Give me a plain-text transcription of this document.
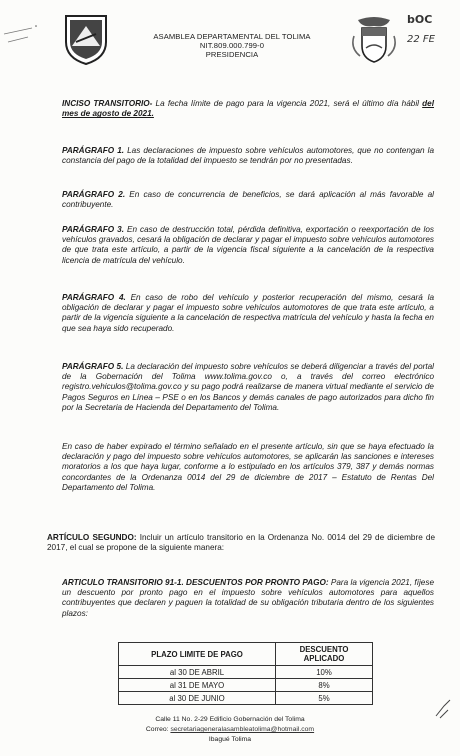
ASAMBLEA DEPARTAMENTAL DEL TOLIMA
NIT.809.000.799-0
PRESIDENCIA
bOC
22 FE
INCISO TRANSITORIO- La fecha límite de pago para la vigencia 2021, será el último día hábil del mes de agosto de 2021.
PARÁGRAFO 1. Las declaraciones de impuesto sobre vehículos automotores, que no contengan la constancia del pago de la totalidad del impuesto se tendrán por no presentadas.
PARÁGRAFO 2. En caso de concurrencia de beneficios, se dará aplicación al más favorable al contribuyente.
PARÁGRAFO 3. En caso de destrucción total, pérdida definitiva, exportación o reexportación de los vehículos gravados, cesará la obligación de declarar y pagar el impuesto sobre vehículos automotores de que trata este artículo, a partir de la vigencia fiscal siguiente a la cancelación de la respectiva licencia de matrícula del vehículo.
PARÁGRAFO 4. En caso de robo del vehículo y posterior recuperación del mismo, cesará la obligación de declarar y pagar el impuesto sobre vehículos automotores de que trata este artículo, a partir de la vigencia siguiente a la cancelación de respectiva matrícula del vehículo y hasta la fecha en que sea haya sido recuperado.
PARÁGRAFO 5. La declaración del impuesto sobre vehículos se deberá diligenciar a través del portal de la Gobernación del Tolima www.tolima.gov.co o, a través del correo electrónico registro.vehiculos@tolima.gov.co y su pago podrá realizarse de manera virtual mediante el servicio de Pagos Seguros en Línea – PSE o en los Bancos y demás canales de pago autorizados para dicho fin por la Secretaria de Hacienda del Departamento del Tolima.
En caso de haber expirado el término señalado en el presente artículo, sin que se haya efectuado la declaración y pago del impuesto sobre vehículos automotores, se aplicarán las sanciones e intereses moratorios a los que haya lugar, conforme a lo estipulado en los artículos 379, 387 y demás normas concordantes de la Ordenanza 0014 del 29 de diciembre de 2017 – Estatuto de Rentas Del Departamento del Tolima.
ARTÍCULO SEGUNDO: Incluir un artículo transitorio en la Ordenanza No. 0014 del 29 de diciembre de 2017, el cual se propone de la siguiente manera:
ARTICULO TRANSITORIO 91-1. DESCUENTOS POR PRONTO PAGO: Para la vigencia 2021, fíjese un descuento por pronto pago en el impuesto sobre vehículos automotores para aquellos contribuyentes que declaren y paguen la totalidad de su obligación tributaria dentro de los siguientes plazos:
PLAZO LIMITE DE PAGO	DESCUENTO APLICADO
al 30 DE ABRIL	10%
al 31 DE MAYO	8%
al 30 DE JUNIO	5%
Calle 11 No. 2-29 Edificio Gobernación del Tolima
Correo: secretariageneralasambleatolima@hotmail.com
Ibagué Tolima
